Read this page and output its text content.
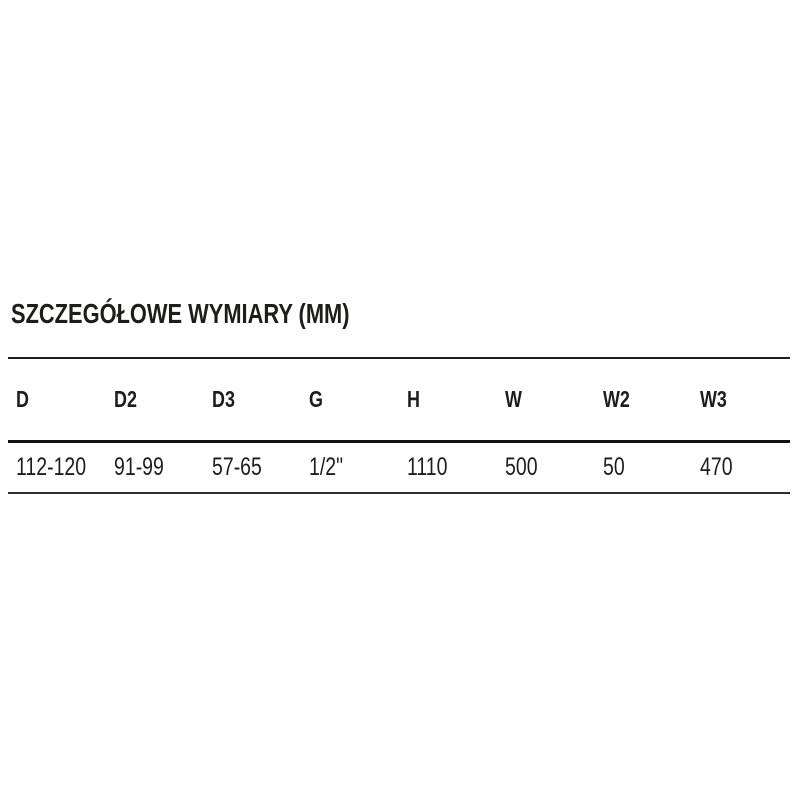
SZCZEGÓŁOWE WYMIARY (MM)
D	D2	D3	G	H	W	W2	W3
112-120	91-99	57-65	1/2"	1110	500	50	470
